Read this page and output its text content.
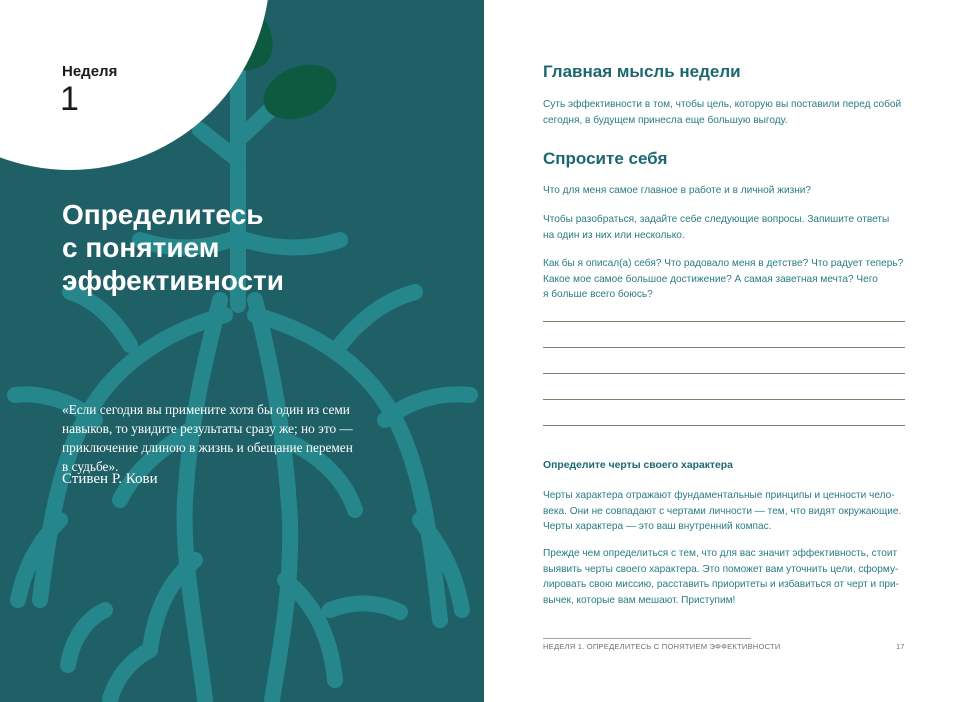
Неделя
1
Определитесь
с понятием
эффективности

«Если сегодня вы примените хотя бы один из семи
навыков, то увидите результаты сразу же; но это —
приключение длиною в жизнь и обещание перемен
в судьбе».

Стивен Р. Кови

Главная мысль недели

Суть эффективности в том, чтобы цель, которую вы поставили перед собой
сегодня, в будущем принесла еще большую выгоду.

Спросите себя

Что для меня самое главное в работе и в личной жизни?

Чтобы разобраться, задайте себе следующие вопросы. Запишите ответы
на один из них или несколько.

Как бы я описал(а) себя? Что радовало меня в детстве? Что радует теперь?
Какое мое самое большое достижение? А самая заветная мечта? Чего
я больше всего боюсь?

Определите черты своего характера

Черты характера отражают фундаментальные принципы и ценности чело-
века. Они не совпадают с чертами личности — тем, что видят окружающие.
Черты характера — это ваш внутренний компас.

Прежде чем определиться с тем, что для вас значит эффективность, стоит
выявить черты своего характера. Это поможет вам уточнить цели, сформу-
лировать свою миссию, расставить приоритеты и избавиться от черт и при-
вычек, которые вам мешают. Приступим!

НЕДЕЛЯ 1. ОПРЕДЕЛИТЕСЬ С ПОНЯТИЕМ ЭФФЕКТИВНОСТИ	17
